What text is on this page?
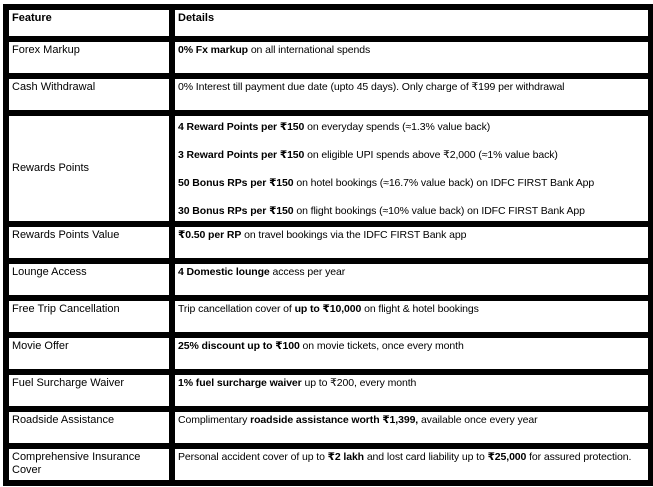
Feature	Details
Forex Markup	0% Fx markup on all international spends

Cash Withdrawal	0% Interest till payment due date (upto 45 days). Only charge of ₹199 per withdrawal

Rewards Points	4 Reward Points per ₹150 on everyday spends (≈1.3% value back)

3 Reward Points per ₹150 on eligible UPI spends above ₹2,000 (≈1% value back)

50 Bonus RPs per ₹150 on hotel bookings (≈16.7% value back) on IDFC FIRST Bank App

30 Bonus RPs per ₹150 on flight bookings (≈10% value back) on IDFC FIRST Bank App

Rewards Points Value	₹0.50 per RP on travel bookings via the IDFC FIRST Bank app

Lounge Access	4 Domestic lounge access per year

Free Trip Cancellation	Trip cancellation cover of up to ₹10,000 on flight & hotel bookings

Movie Offer	25% discount up to ₹100 on movie tickets, once every month

Fuel Surcharge Waiver	1% fuel surcharge waiver up to ₹200, every month

Roadside Assistance	Complimentary roadside assistance worth ₹1,399, available once every year

Comprehensive Insurance Cover	Personal accident cover of up to ₹2 lakh and lost card liability up to ₹25,000 for assured protection.
